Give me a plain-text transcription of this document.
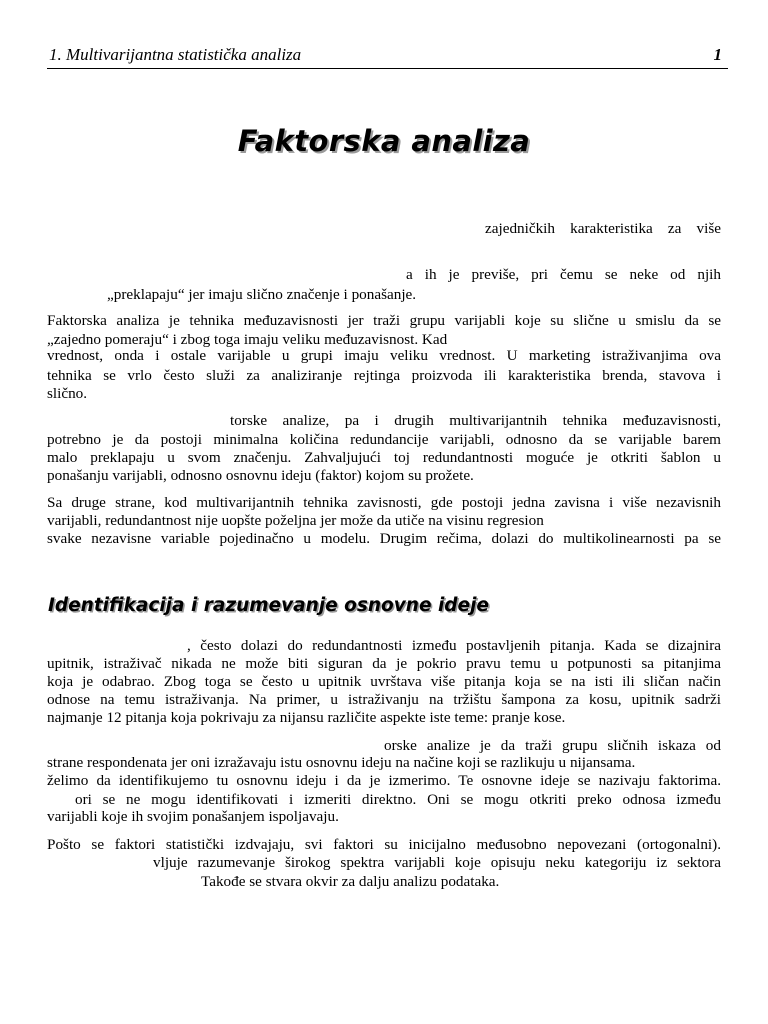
1. Multivarijantna statistička analiza	1
Faktorska analiza
zajedničkih karakteristika za više
a ih je previše, pri čemu se neke od njih
„preklapaju“ jer imaju slično značenje i ponašanje.
Faktorska analiza je tehnika međuzavisnosti jer traži grupu varijabli koje su slične u smislu da se
„zajedno pomeraju“ i zbog toga imaju veliku međuzavisnost. Kad
vrednost, onda i ostale varijable u grupi imaju veliku vrednost. U marketing istraživanjima ova
tehnika se vrlo često služi za analiziranje rejtinga proizvoda ili karakteristika brenda, stavova i
slično.
torske analize, pa i drugih multivarijantnih tehnika međuzavisnosti,
potrebno je da postoji minimalna količina redundancije varijabli, odnosno da se varijable barem
malo preklapaju u svom značenju. Zahvaljujući toj redundantnosti moguće je otkriti šablon u
ponašanju varijabli, odnosno osnovnu ideju (faktor) kojom su prožete.
Sa druge strane, kod multivarijantnih tehnika zavisnosti, gde postoji jedna zavisna i više nezavisnih
varijabli, redundantnost nije uopšte poželjna jer može da utiče na visinu regresion
svake nezavisne variable pojedinačno u modelu. Drugim rečima, dolazi do multikolinearnosti pa se
Identifikacija i razumevanje osnovne ideje
, često dolazi do redundantnosti između postavljenih pitanja. Kada se dizajnira
upitnik, istraživač nikada ne može biti siguran da je pokrio pravu temu u potpunosti sa pitanjima
koja je odabrao. Zbog toga se često u upitnik uvrštava više pitanja koja se na isti ili sličan način
odnose na temu istraživanja. Na primer, u istraživanju na tržištu šampona za kosu, upitnik sadrži
najmanje 12 pitanja koja pokrivaju za nijansu različite aspekte iste teme: pranje kose.
orske analize je da traži grupu sličnih iskaza od
strane respondenata jer oni izražavaju istu osnovnu ideju na načine koji se razlikuju u nijansama.
želimo da identifikujemo tu osnovnu ideju i da je izmerimo. Te osnovne ideje se nazivaju faktorima.
ori se ne mogu identifikovati i izmeriti direktno. Oni se mogu otkriti preko odnosa između
varijabli koje ih svojim ponašanjem ispoljavaju.
Pošto se faktori statistički izdvajaju, svi faktori su inicijalno međusobno nepovezani (ortogonalni).
vljuje razumevanje širokog spektra varijabli koje opisuju neku kategoriju iz sektora
Takođe se stvara okvir za dalju analizu podataka.
